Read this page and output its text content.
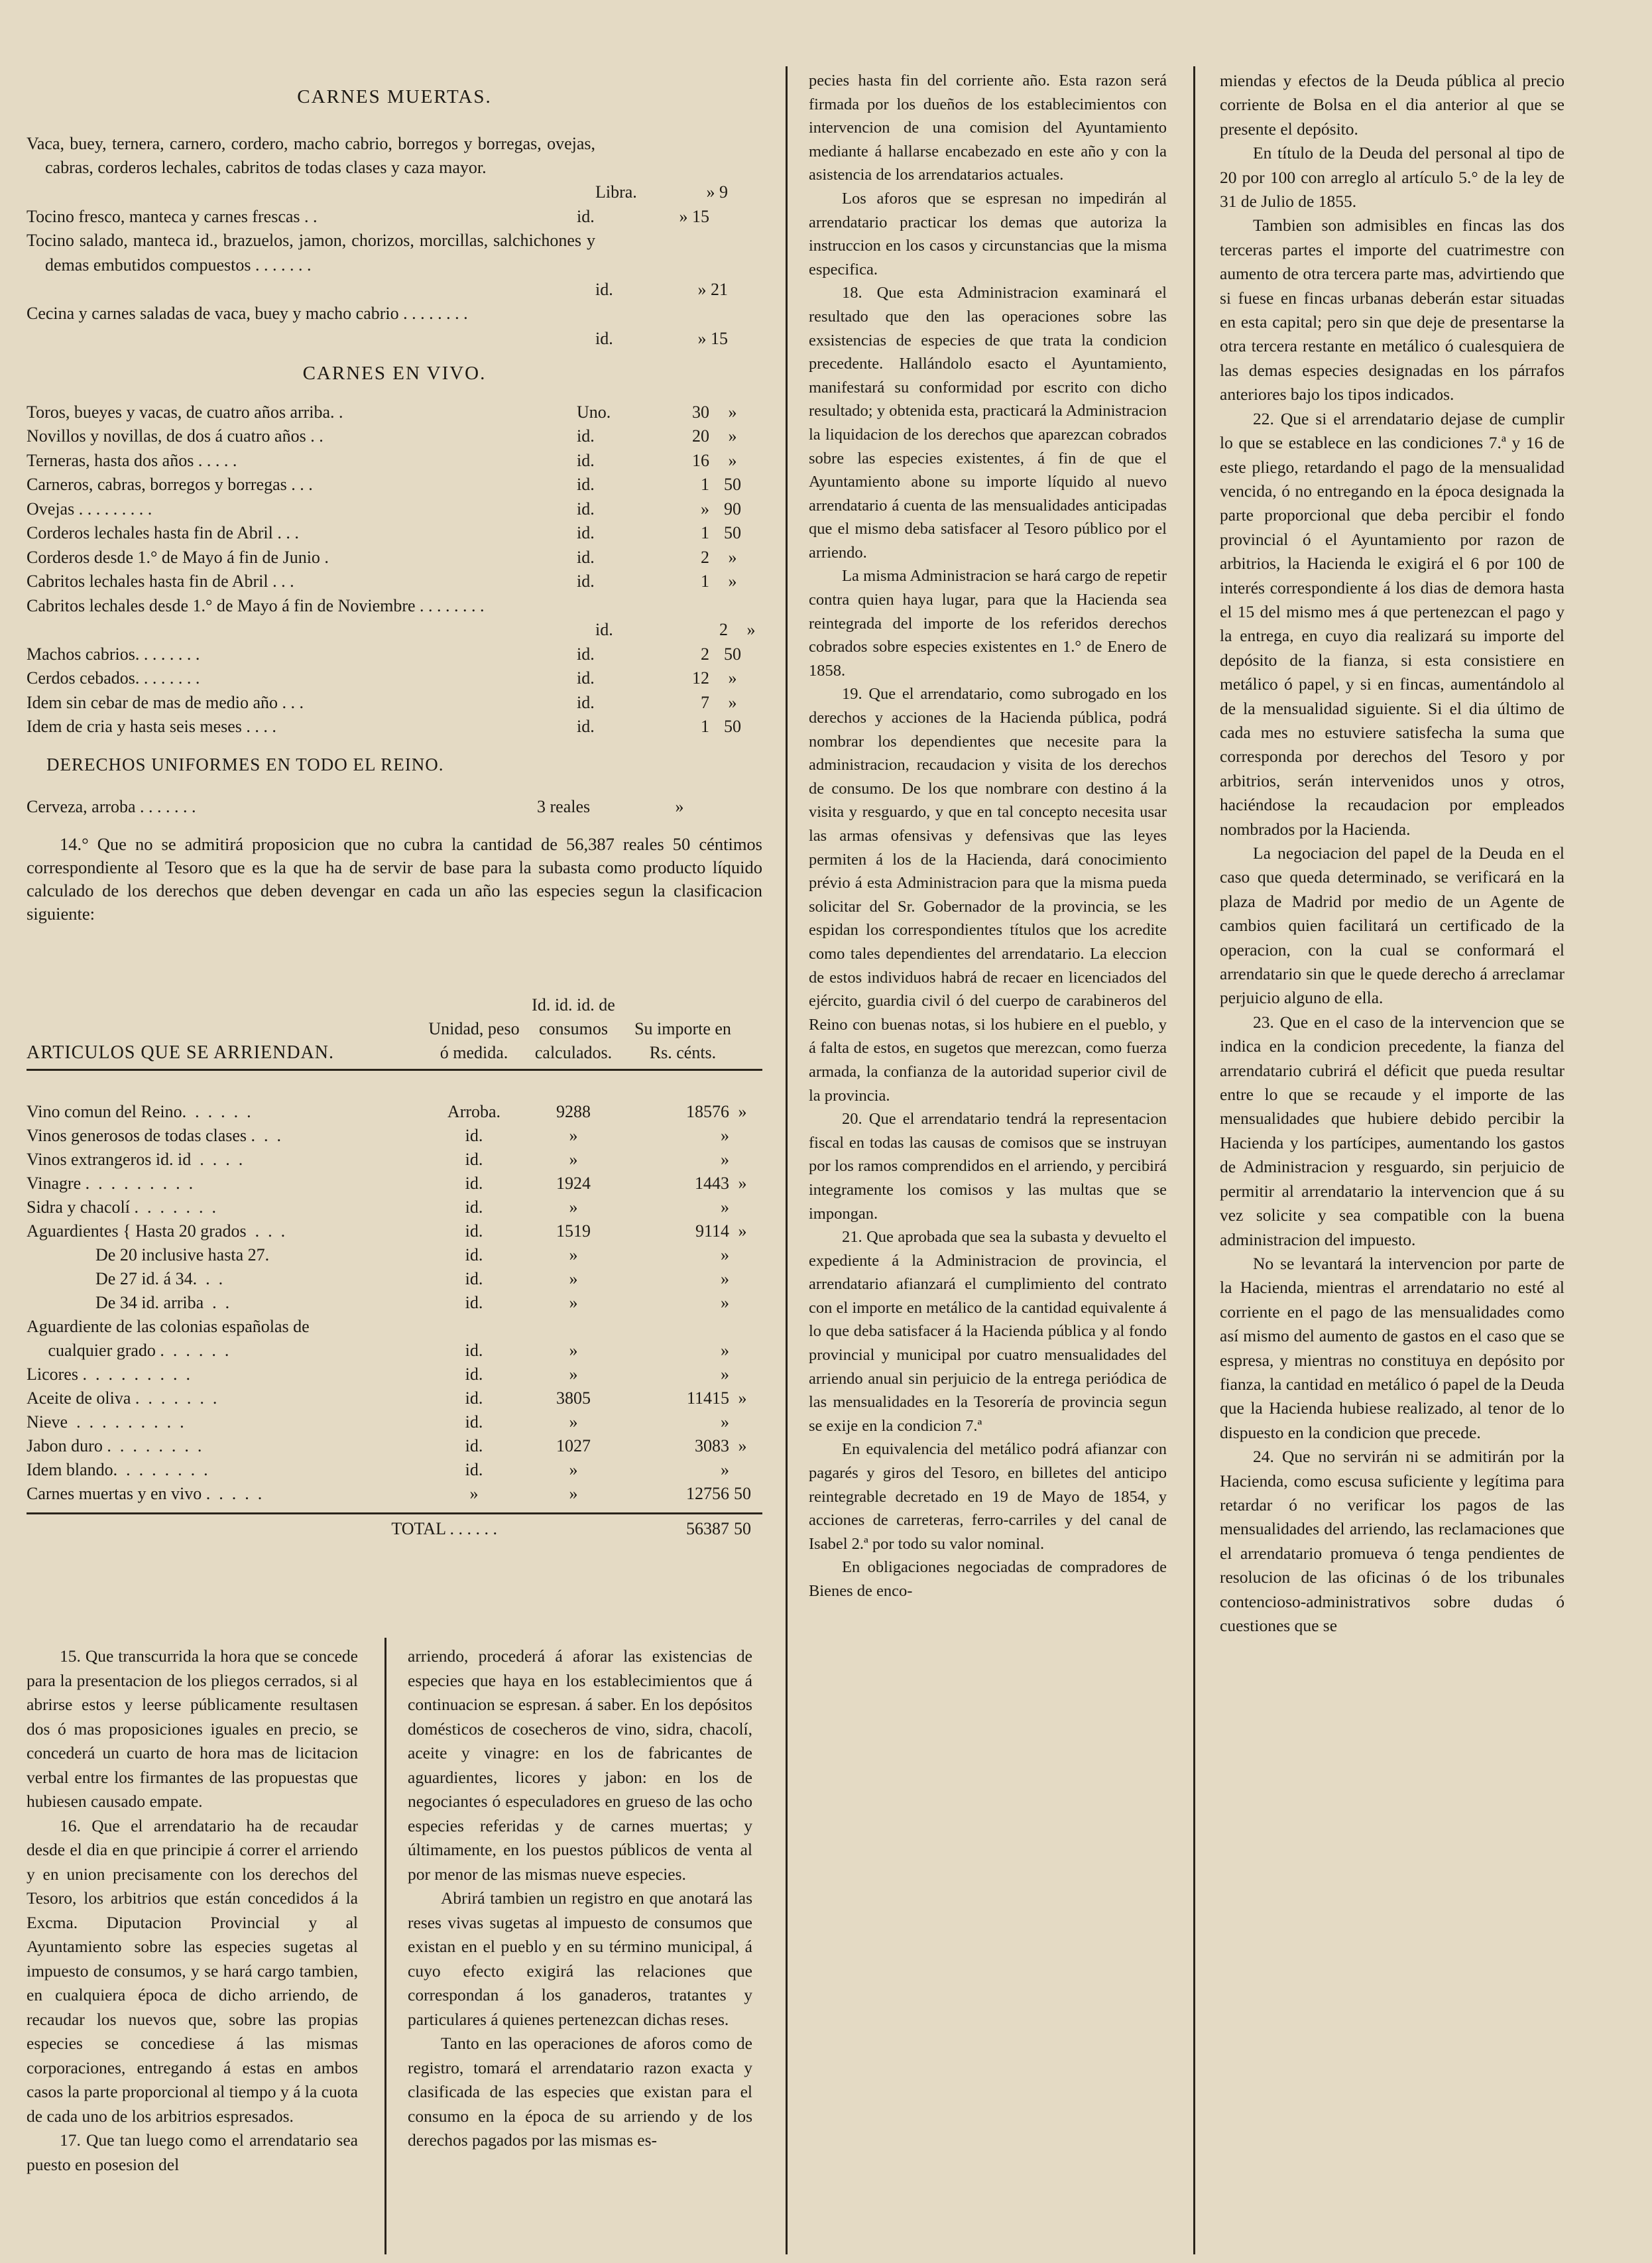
CARNES MUERTAS.

Vaca, buey, ternera, carnero, cordero, macho cabrio, borregos y borregas, ovejas, cabras, corderos lechales, cabritos de todas clases y caza mayor.
Libra.	» 9
Tocino fresco, manteca y carnes frescas . .	id.	» 15
Tocino salado, manteca id., brazuelos, jamon, chorizos, morcillas, salchichones y demas embutidos compuestos . . . . . . .
id.	» 21
Cecina y carnes saladas de vaca, buey y macho cabrio . . . . . . . .
id.	» 15

CARNES EN VIVO.

Toros, bueyes y vacas, de cuatro años arriba. .	Uno.	30	»
Novillos y novillas, de dos á cuatro años . .	id.	20	»
Terneras, hasta dos años . . . . .	id.	16	»
Carneros, cabras, borregos y borregas . . .	id.	1 50
Ovejas . . . . . . . . .	id.	» 90
Corderos lechales hasta fin de Abril . . .	id.	1 50
Corderos desde 1.° de Mayo á fin de Junio .	id.	2	»
Cabritos lechales hasta fin de Abril . . .	id.	1	»
Cabritos lechales desde 1.° de Mayo á fin de Noviembre . . . . . . . .
id.	2	»
Machos cabrios. . . . . . . .	id.	2 50
Cerdos cebados. . . . . . . .	id.	12	»
Idem sin cebar de mas de medio año . . .	id.	7	»
Idem de cria y hasta seis meses . . . .	id.	1 50

DERECHOS UNIFORMES EN TODO EL REINO.

Cerveza, arroba . . . . . . .	3 reales	»

14.° Que no se admitirá proposicion que no cubra la cantidad de 56,387 reales 50 céntimos correspondiente al Tesoro que es la que ha de servir de base para la subasta como producto líquido calculado de los derechos que deben devengar en cada un año las especies segun la clasificacion siguiente:

ARTICULOS QUE SE ARRIENDAN.
Unidad, peso ó medida.
Id. id. id. de consumos calculados.
Su importe en Rs. cénts.
Vino comun del Reino.  .  .  .  .  .	Arroba.	9288	18576 »
Vinos generosos de todas clases .  .  .	id.	»	»
Vinos extrangeros id. id  .  .  .  .	id.	»	»
Vinagre .  .  .  .  .  .  .  .  .	id.	1924	1443 »
Sidra y chacolí .  .  .  .  .  .  .	id.	»	»
Aguardientes { Hasta 20 grados  .  .  .	id.	1519	9114 »
De 20 inclusive hasta 27.	id.	»	»
De 27 id. á 34.  .  .	id.	»	»
De 34 id. arriba  .  .	id.	»	»
Aguardiente de las colonias españolas de
cualquier grado .  .  .  .  .  .	id.	»	»
Licores .  .  .  .  .  .  .  .  .	id.	»	»
Aceite de oliva .  .  .  .  .  .  .	id.	3805	11415 »
Nieve  .  .  .  .  .  .  .  .  .	id.	»	»
Jabon duro .  .  .  .  .  .  .  .	id.	1027	3083 »
Idem blando.  .  .  .  .  .  .  .	id.	»	»
Carnes muertas y en vivo .  .  .  .  .	»	»	12756 50
TOTAL . . . . . .	56387 50

15. Que transcurrida la hora que se concede para la presentacion de los pliegos cerrados, si al abrirse estos y leerse públicamente resultasen dos ó mas proposiciones iguales en precio, se concederá un cuarto de hora mas de licitacion verbal entre los firmantes de las propuestas que hubiesen causado empate.

16. Que el arrendatario ha de recaudar desde el dia en que principie á correr el arriendo y en union precisamente con los derechos del Tesoro, los arbitrios que están concedidos á la Excma. Diputacion Provincial y al Ayuntamiento sobre las especies sugetas al impuesto de consumos, y se hará cargo tambien, en cualquiera época de dicho arriendo, de recaudar los nuevos que, sobre las propias especies se concediese á las mismas corporaciones, entregando á estas en ambos casos la parte proporcional al tiempo y á la cuota de cada uno de los arbitrios espresados.

17. Que tan luego como el arrendatario sea puesto en posesion del

arriendo, procederá á aforar las existencias de especies que haya en los establecimientos que á continuacion se espresan. á saber. En los depósitos domésticos de cosecheros de vino, sidra, chacolí, aceite y vinagre: en los de fabricantes de aguardientes, licores y jabon: en los de negociantes ó especuladores en grueso de las ocho especies referidas y de carnes muertas; y últimamente, en los puestos públicos de venta al por menor de las mismas nueve especies.

Abrirá tambien un registro en que anotará las reses vivas sugetas al impuesto de consumos que existan en el pueblo y en su término municipal, á cuyo efecto exigirá las relaciones que correspondan á los ganaderos, tratantes y particulares á quienes pertenezcan dichas reses.

Tanto en las operaciones de aforos como de registro, tomará el arrendatario razon exacta y clasificada de las especies que existan para el consumo en la época de su arriendo y de los derechos pagados por las mismas es-

pecies hasta fin del corriente año. Esta razon será firmada por los dueños de los establecimientos con intervencion de una comision del Ayuntamiento mediante á hallarse encabezado en este año y con la asistencia de los arrendatarios actuales.

Los aforos que se espresan no impedirán al arrendatario practicar los demas que autoriza la instruccion en los casos y circunstancias que la misma especifica.

18. Que esta Administracion examinará el resultado que den las operaciones sobre las exsistencias de especies de que trata la condicion precedente. Hallándolo esacto el Ayuntamiento, manifestará su conformidad por escrito con dicho resultado; y obtenida esta, practicará la Administracion la liquidacion de los derechos que aparezcan cobrados sobre las especies existentes, á fin de que el Ayuntamiento abone su importe líquido al nuevo arrendatario á cuenta de las mensualidades anticipadas que el mismo deba satisfacer al Tesoro público por el arriendo.

La misma Administracion se hará cargo de repetir contra quien haya lugar, para que la Hacienda sea reintegrada del importe de los referidos derechos cobrados sobre especies existentes en 1.° de Enero de 1858.

19. Que el arrendatario, como subrogado en los derechos y acciones de la Hacienda pública, podrá nombrar los dependientes que necesite para la administracion, recaudacion y visita de los derechos de consumo. De los que nombrare con destino á la visita y resguardo, y que en tal concepto necesita usar las armas ofensivas y defensivas que las leyes permiten á los de la Hacienda, dará conocimiento prévio á esta Administracion para que la misma pueda solicitar del Sr. Gobernador de la provincia, se les espidan los correspondientes títulos que los acredite como tales dependientes del arrendatario. La eleccion de estos individuos habrá de recaer en licenciados del ejército, guardia civil ó del cuerpo de carabineros del Reino con buenas notas, si los hubiere en el pueblo, y á falta de estos, en sugetos que merezcan, como fuerza armada, la confianza de la autoridad superior civil de la provincia.

20. Que el arrendatario tendrá la representacion fiscal en todas las causas de comisos que se instruyan por los ramos comprendidos en el arriendo, y percibirá integramente los comisos y las multas que se impongan.

21. Que aprobada que sea la subasta y devuelto el expediente á la Administracion de provincia, el arrendatario afianzará el cumplimiento del contrato con el importe en metálico de la cantidad equivalente á lo que deba satisfacer á la Hacienda pública y al fondo provincial y municipal por cuatro mensualidades del arriendo anual sin perjuicio de la entrega periódica de las mensualidades en la Tesorería de provincia segun se exije en la condicion 7.ª

En equivalencia del metálico podrá afianzar con pagarés y giros del Tesoro, en billetes del anticipo reintegrable decretado en 19 de Mayo de 1854, y acciones de carreteras, ferro-carriles y del canal de Isabel 2.ª por todo su valor nominal.

En obligaciones negociadas de compradores de Bienes de enco-

miendas y efectos de la Deuda pública al precio corriente de Bolsa en el dia anterior al que se presente el depósito.

En título de la Deuda del personal al tipo de 20 por 100 con arreglo al artículo 5.° de la ley de 31 de Julio de 1855.

Tambien son admisibles en fincas las dos terceras partes el importe del cuatrimestre con aumento de otra tercera parte mas, advirtiendo que si fuese en fincas urbanas deberán estar situadas en esta capital; pero sin que deje de presentarse la otra tercera restante en metálico ó cualesquiera de las demas especies designadas en los párrafos anteriores bajo los tipos indicados.

22. Que si el arrendatario dejase de cumplir lo que se establece en las condiciones 7.ª y 16 de este pliego, retardando el pago de la mensualidad vencida, ó no entregando en la época designada la parte proporcional que deba percibir el fondo provincial ó el Ayuntamiento por razon de arbitrios, la Hacienda le exigirá el 6 por 100 de interés correspondiente á los dias de demora hasta el 15 del mismo mes á que pertenezcan el pago y la entrega, en cuyo dia realizará su importe del depósito de la fianza, si esta consistiere en metálico ó papel, y si en fincas, aumentándolo al de la mensualidad siguiente. Si el dia último de cada mes no estuviere satisfecha la suma que corresponda por derechos del Tesoro y por arbitrios, serán intervenidos unos y otros, haciéndose la recaudacion por empleados nombrados por la Hacienda.

La negociacion del papel de la Deuda en el caso que queda determinado, se verificará en la plaza de Madrid por medio de un Agente de cambios quien facilitará un certificado de la operacion, con la cual se conformará el arrendatario sin que le quede derecho á arreclamar perjuicio alguno de ella.

23. Que en el caso de la intervencion que se indica en la condicion precedente, la fianza del arrendatario cubrirá el déficit que pueda resultar entre lo que se recaude y el importe de las mensualidades que hubiere debido percibir la Hacienda y los partícipes, aumentando los gastos de Administracion y resguardo, sin perjuicio de permitir al arrendatario la intervencion que á su vez solicite y sea compatible con la buena administracion del impuesto.

No se levantará la intervencion por parte de la Hacienda, mientras el arrendatario no esté al corriente en el pago de las mensualidades como así mismo del aumento de gastos en el caso que se espresa, y mientras no constituya en depósito por fianza, la cantidad en metálico ó papel de la Deuda que la Hacienda hubiese realizado, al tenor de lo dispuesto en la condicion que precede.

24. Que no servirán ni se admitirán por la Hacienda, como escusa suficiente y legítima para retardar ó no verificar los pagos de las mensualidades del arriendo, las reclamaciones que el arrendatario promueva ó tenga pendientes de resolucion de las oficinas ó de los tribunales contencioso-administrativos sobre dudas ó cuestiones que se
